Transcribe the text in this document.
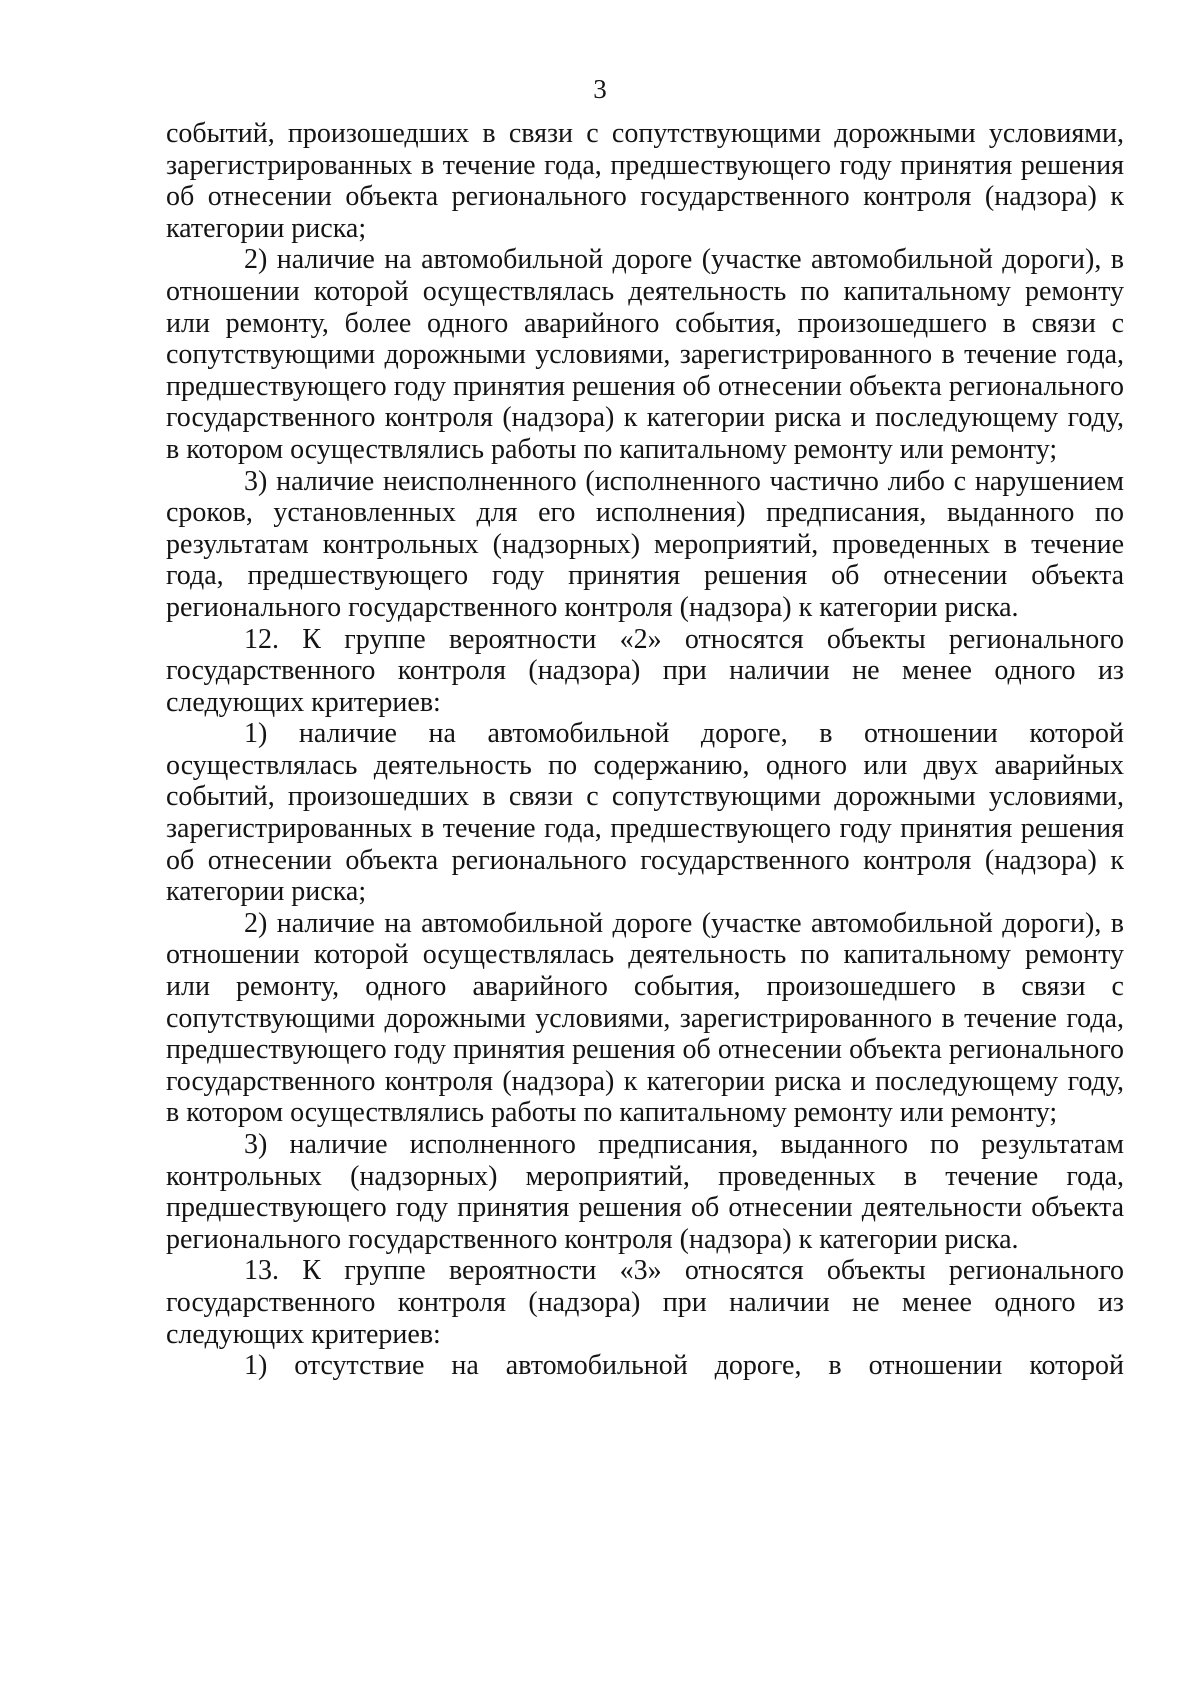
3

событий, произошедших в связи с сопутствующими дорожными условиями, зарегистрированных в течение года, предшествующего году принятия решения об отнесении объекта регионального государственного контроля (надзора) к категории риска;

2) наличие на автомобильной дороге (участке автомобильной дороги), в отношении которой осуществлялась деятельность по капитальному ремонту или ремонту, более одного аварийного события, произошедшего в связи с сопутствующими дорожными условиями, зарегистрированного в течение года, предшествующего году принятия решения об отнесении объекта регионального государственного контроля (надзора) к категории риска и последующему году, в котором осуществлялись работы по капитальному ремонту или ремонту;

3) наличие неисполненного (исполненного частично либо с нарушением сроков, установленных для его исполнения) предписания, выданного по результатам контрольных (надзорных) мероприятий, проведенных в течение года, предшествующего году принятия решения об отнесении объекта регионального государственного контроля (надзора) к категории риска.

12. К группе вероятности «2» относятся объекты регионального государственного контроля (надзора) при наличии не менее одного из следующих критериев:

1) наличие на автомобильной дороге, в отношении которой осуществлялась деятельность по содержанию, одного или двух аварийных событий, произошедших в связи с сопутствующими дорожными условиями, зарегистрированных в течение года, предшествующего году принятия решения об отнесении объекта регионального государственного контроля (надзора) к категории риска;

2) наличие на автомобильной дороге (участке автомобильной дороги), в отношении которой осуществлялась деятельность по капитальному ремонту или ремонту, одного аварийного события, произошедшего в связи с сопутствующими дорожными условиями, зарегистрированного в течение года, предшествующего году принятия решения об отнесении объекта регионального государственного контроля (надзора) к категории риска и последующему году, в котором осуществлялись работы по капитальному ремонту или ремонту;

3) наличие исполненного предписания, выданного по результатам контрольных (надзорных) мероприятий, проведенных в течение года, предшествующего году принятия решения об отнесении деятельности объекта регионального государственного контроля (надзора) к категории риска.

13. К группе вероятности «3» относятся объекты регионального государственного контроля (надзора) при наличии не менее одного из следующих критериев:

1) отсутствие на автомобильной дороге, в отношении которой
